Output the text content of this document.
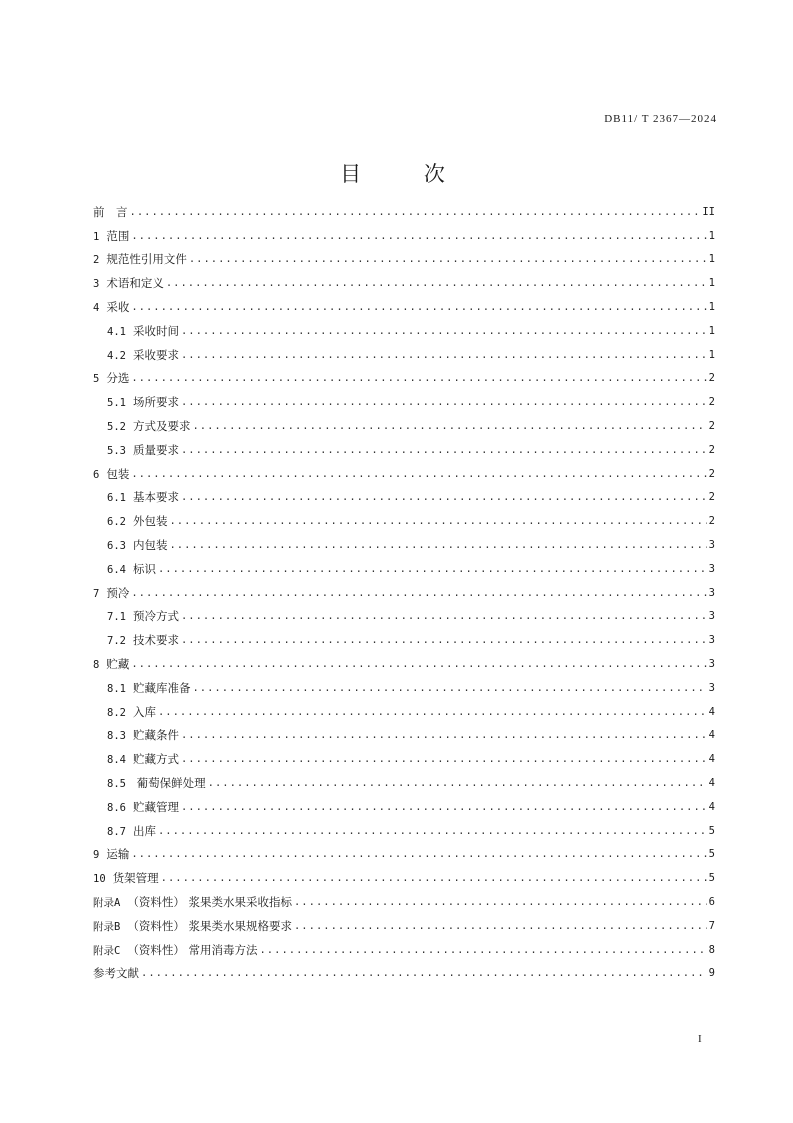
DB11/ T 2367—2024
目 次
前　言 .....	II
1 范围 .....	1
2 规范性引用文件 .....	1
3 术语和定义 .....	1
4 采收 .....	1
4.1 采收时间 .....	1
4.2 采收要求 .....	1
5 分选 .....	2
5.1 场所要求 .....	2
5.2 方式及要求 .....	2
5.3 质量要求 .....	2
6 包装 .....	2
6.1 基本要求 .....	2
6.2 外包装 .....	2
6.3 内包装 .....	3
6.4 标识 .....	3
7 预冷 .....	3
7.1 预冷方式 .....	3
7.2 技术要求 .....	3
8 贮藏 .....	3
8.1 贮藏库准备 .....	3
8.2 入库 .....	4
8.3 贮藏条件 .....	4
8.4 贮藏方式 .....	4
8.5 葡萄保鲜处理 .....	4
8.6 贮藏管理 .....	4
8.7 出库 .....	5
9 运输 .....	5
10 货架管理 .....	5
附录A （资料性） 浆果类水果采收指标 .....	6
附录B （资料性） 浆果类水果规格要求 .....	7
附录C （资料性） 常用消毒方法 .....	8
参考文献 .....	9
I
